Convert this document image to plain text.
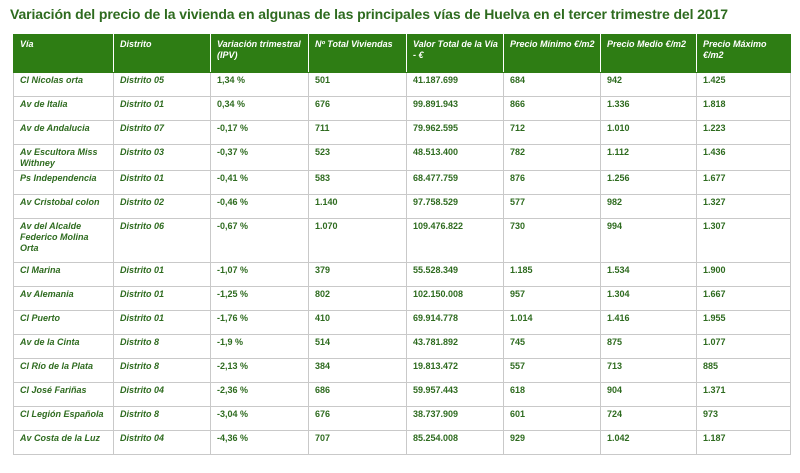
Variación del precio de la vivienda en algunas de las principales vías de Huelva en el tercer trimestre del 2017
Vía	Distrito	Variación trimestral (IPV)	Nº Total Viviendas	Valor Total de la Vía - €	Precio Mínimo €/m2	Precio Medio €/m2	Precio Máximo €/m2
Cl Nicolas orta	Distrito 05	1,34 %	501	41.187.699	684	942	1.425
Av de Italia	Distrito 01	0,34 %	676	99.891.943	866	1.336	1.818
Av de Andalucia	Distrito 07	-0,17 %	711	79.962.595	712	1.010	1.223
Av Escultora Miss Withney	Distrito 03	-0,37 %	523	48.513.400	782	1.112	1.436
Ps Independencia	Distrito 01	-0,41 %	583	68.477.759	876	1.256	1.677
Av Cristobal colon	Distrito 02	-0,46 %	1.140	97.758.529	577	982	1.327
Av del Alcalde Federico Molina Orta	Distrito 06	-0,67 %	1.070	109.476.822	730	994	1.307
Cl Marina	Distrito 01	-1,07 %	379	55.528.349	1.185	1.534	1.900
Av Alemania	Distrito 01	-1,25 %	802	102.150.008	957	1.304	1.667
Cl Puerto	Distrito 01	-1,76 %	410	69.914.778	1.014	1.416	1.955
Av de la Cinta	Distrito 8	-1,9 %	514	43.781.892	745	875	1.077
Cl Río de la Plata	Distrito 8	-2,13 %	384	19.813.472	557	713	885
Cl José Fariñas	Distrito 04	-2,36 %	686	59.957.443	618	904	1.371
Cl Legión Española	Distrito 8	-3,04 %	676	38.737.909	601	724	973
Av Costa de la Luz	Distrito 04	-4,36 %	707	85.254.008	929	1.042	1.187
